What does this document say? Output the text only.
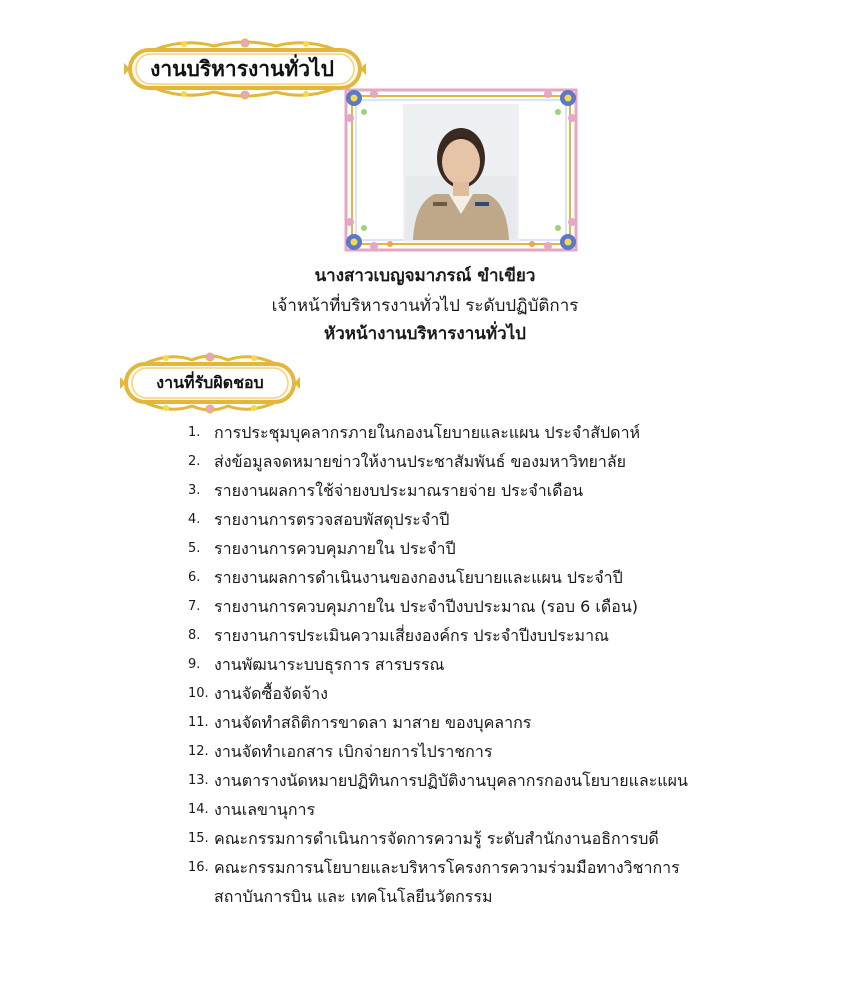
งานบริหารงานทั่วไป
นางสาวเบญจมาภรณ์ ขำเขียว
เจ้าหน้าที่บริหารงานทั่วไป ระดับปฏิบัติการ
หัวหน้างานบริหารงานทั่วไป
งานที่รับผิดชอบ
1. การประชุมบุคลากรภายในกองนโยบายและแผน ประจำสัปดาห์
2. ส่งข้อมูลจดหมายข่าวให้งานประชาสัมพันธ์ ของมหาวิทยาลัย
3. รายงานผลการใช้จ่ายงบประมาณรายจ่าย ประจำเดือน
4. รายงานการตรวจสอบพัสดุประจำปี
5. รายงานการควบคุมภายใน ประจำปี
6. รายงานผลการดำเนินงานของกองนโยบายและแผน ประจำปี
7. รายงานการควบคุมภายใน ประจำปีงบประมาณ (รอบ 6 เดือน)
8. รายงานการประเมินความเสี่ยงองค์กร ประจำปีงบประมาณ
9. งานพัฒนาระบบธุรการ สารบรรณ
10. งานจัดซื้อจัดจ้าง
11. งานจัดทำสถิติการขาดลา มาสาย ของบุคลากร
12. งานจัดทำเอกสาร เบิกจ่ายการไปราชการ
13. งานตารางนัดหมายปฏิทินการปฏิบัติงานบุคลากรกองนโยบายและแผน
14. งานเลขานุการ
15. คณะกรรมการดำเนินการจัดการความรู้ ระดับสำนักงานอธิการบดี
16. คณะกรรมการนโยบายและบริหารโครงการความร่วมมือทางวิชาการ
สถาบันการบิน และ เทคโนโลยีนวัตกรรม
